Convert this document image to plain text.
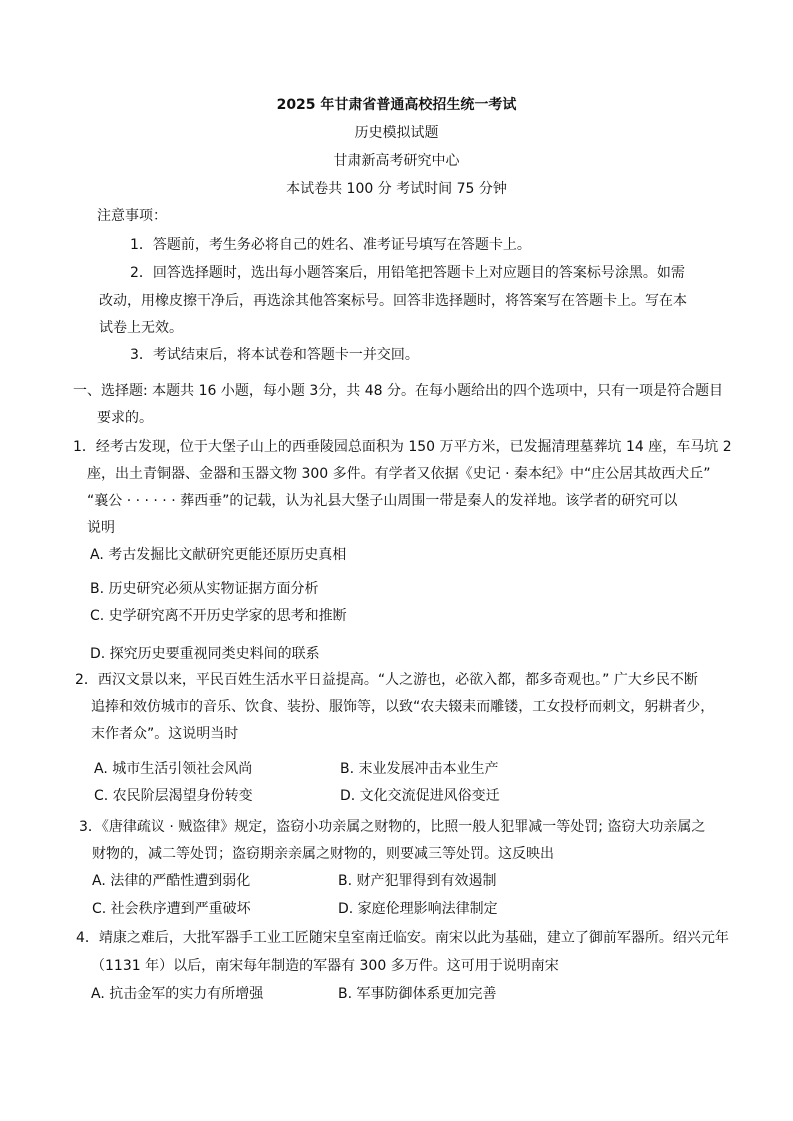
2025 年甘肃省普通高校招生统一考试
历史模拟试题
甘肃新高考研究中心
本试卷共 100 分 考试时间 75 分钟
注意事项：
1．答题前，考生务必将自己的姓名、准考证号填写在答题卡上。
2．回答选择题时，选出每小题答案后，用铅笔把答题卡上对应题目的答案标号涂黑。如需
改动，用橡皮擦干净后，再选涂其他答案标号。回答非选择题时，将答案写在答题卡上。写在本
试卷上无效。
3．考试结束后，将本试卷和答题卡一并交回。
一、选择题: 本题共 16 小题，每小题 3分，共 48 分。在每小题给出的四个选项中，只有一项是符合题目
要求的。
1．经考古发现，位于大堡子山上的西垂陵园总面积为 150 万平方米，已发掘清理墓葬坑 14 座，车马坑 2
座，出土青铜器、金器和玉器文物 300 多件。有学者又依据《史记 · 秦本纪》中“庄公居其故西犬丘”
“襄公 · · · · · · 葬西垂”的记载，认为礼县大堡子山周围一带是秦人的发祥地。该学者的研究可以
说明
A. 考古发掘比文献研究更能还原历史真相
B. 历史研究必须从实物证据方面分析
C. 史学研究离不开历史学家的思考和推断
D. 探究历史要重视同类史料间的联系
2．西汉文景以来，平民百姓生活水平日益提高。“人之游也，必欲入都，都多奇观也。” 广大乡民不断
追捧和效仿城市的音乐、饮食、装扮、服饰等，以致“农夫辍耒而雕镂，工女投杼而刺文，躬耕者少，
末作者众”。这说明当时
A. 城市生活引领社会风尚	B. 末业发展冲击本业生产
C. 农民阶层渴望身份转变	D. 文化交流促进风俗变迁
3．《唐律疏议 · 贼盗律》规定，盗窃小功亲属之财物的，比照一般人犯罪减一等处罚; 盗窃大功亲属之
财物的，减二等处罚；盗窃期亲亲属之财物的，则要减三等处罚。这反映出
A. 法律的严酷性遭到弱化	B. 财产犯罪得到有效遏制
C. 社会秩序遭到严重破坏	D. 家庭伦理影响法律制定
4．靖康之难后，大批军器手工业工匠随宋皇室南迁临安。南宋以此为基础，建立了御前军器所。绍兴元年
（1131 年）以后，南宋每年制造的军器有 300 多万件。这可用于说明南宋
A. 抗击金军的实力有所增强	B. 军事防御体系更加完善
